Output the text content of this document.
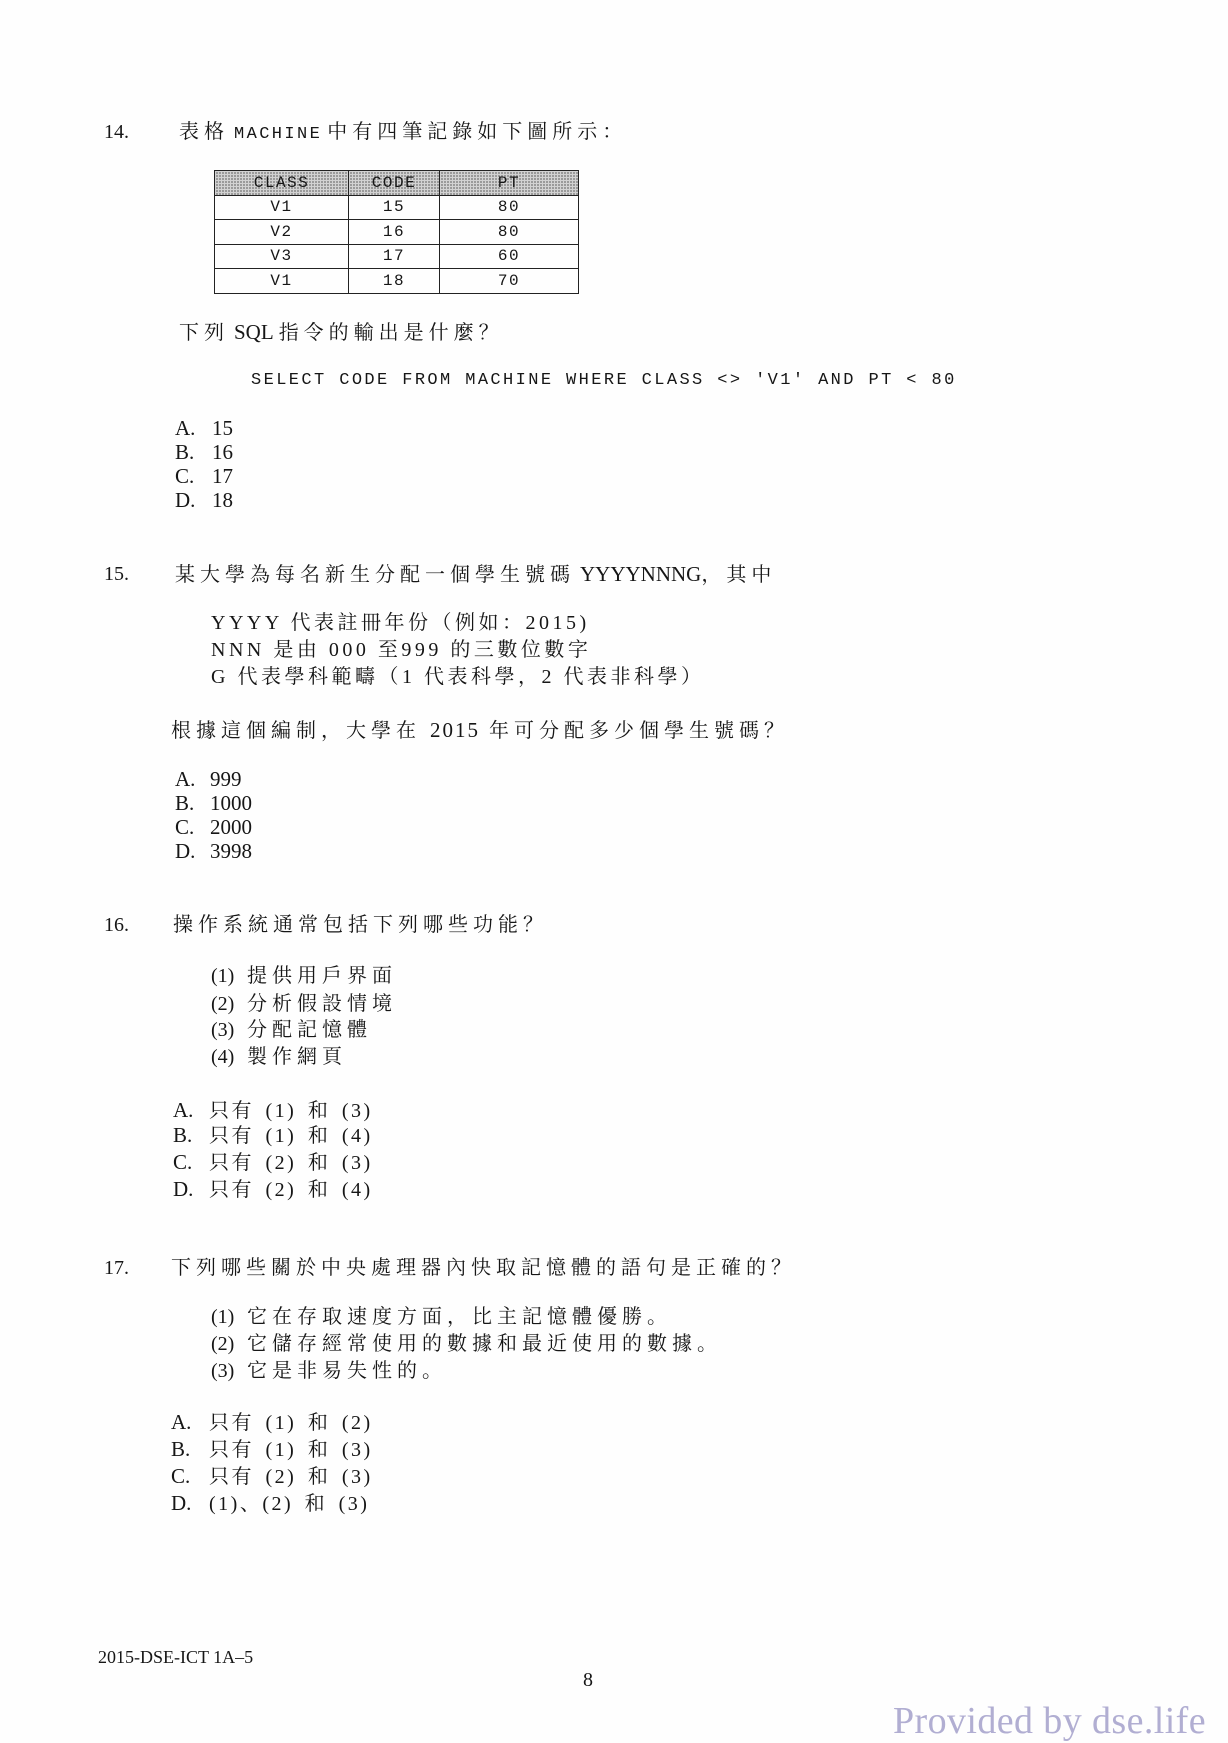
14.	表格 MACHINE 中有四筆記錄如下圖所示：
CLASS	CODE	PT
V1	15	80
V2	16	80
V3	17	60
V1	18	70
下列 SQL 指令的輸出是什麼？
SELECT CODE FROM MACHINE WHERE CLASS <> 'V1' AND PT < 80
A. 15
B. 16
C. 17
D. 18
15. 某大學為每名新生分配一個學生號碼 YYYYNNNG，其中
YYYY 代表註冊年份（例如：2015)
NNN 是由 000 至999 的三數位數字
G 代表學科範疇（1 代表科學，2 代表非科學）
根據這個編制，大學在 2015 年可分配多少個學生號碼？
A. 999
B. 1000
C. 2000
D. 3998
16. 操作系統通常包括下列哪些功能？
(1) 提供用戶界面
(2) 分析假設情境
(3) 分配記憶體
(4) 製作網頁
A. 只有 (1) 和 (3)
B. 只有 (1) 和 (4)
C. 只有 (2) 和 (3)
D. 只有 (2) 和 (4)
17. 下列哪些關於中央處理器內快取記憶體的語句是正確的？
(1) 它在存取速度方面，比主記憶體優勝。
(2) 它儲存經常使用的數據和最近使用的數據。
(3) 它是非易失性的。
A. 只有 (1) 和 (2)
B. 只有 (1) 和 (3)
C. 只有 (2) 和 (3)
D. (1)、(2) 和 (3)
2015-DSE-ICT 1A–5
8
Provided by dse.life
